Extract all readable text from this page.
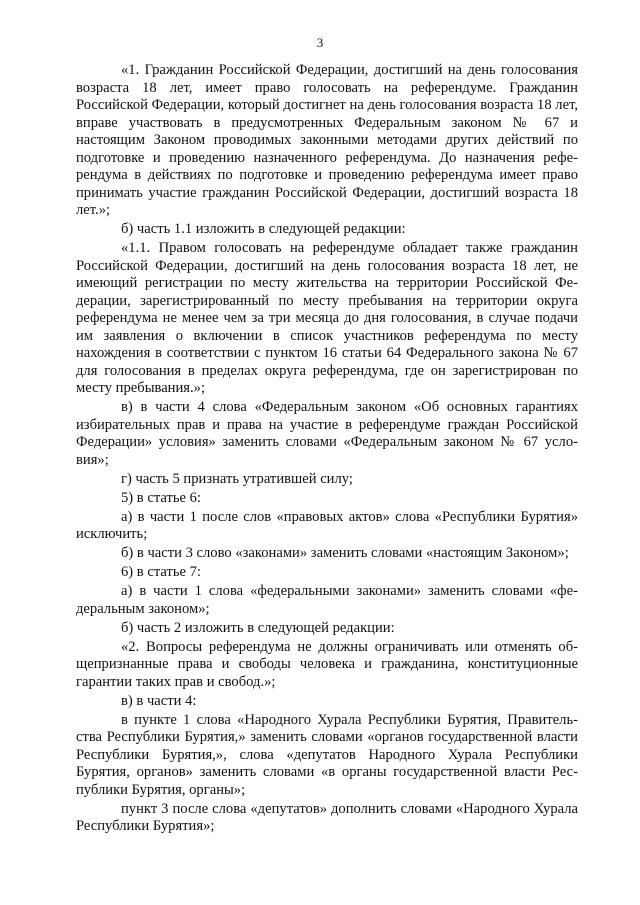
3

«1. Гражданин Российской Федерации, достигший на день голосования возраста 18 лет, имеет право голосовать на референдуме. Гражданин Российской Федерации, который достигнет на день голосования возраста 18 лет, вправе участвовать в предусмотренных Федеральным законом № 67 и настоящим Законом проводимых законными методами других действий по подготовке и проведению назначенного референдума. До назначения референдума в действиях по подготовке и проведению референдума имеет право принимать участие гражданин Российской Федерации, достигший возраста 18 лет.»;

б) часть 1.1 изложить в следующей редакции:

«1.1. Правом голосовать на референдуме обладает также гражданин Российской Федерации, достигший на день голосования возраста 18 лет, не имеющий регистрации по месту жительства на территории Российской Федерации, зарегистрированный по месту пребывания на территории округа референдума не менее чем за три месяца до дня голосования, в случае подачи им заявления о включении в список участников референдума по месту нахождения в соответствии с пунктом 16 статьи 64 Федерального закона № 67 для голосования в пределах округа референдума, где он зарегистрирован по месту пребывания.»;

в) в части 4 слова «Федеральным законом «Об основных гарантиях избирательных прав и права на участие в референдуме граждан Российской Федерации» условия» заменить словами «Федеральным законом № 67 условия»;

г) часть 5 признать утратившей силу;

5) в статье 6:

а) в части 1 после слов «правовых актов» слова «Республики Бурятия» исключить;

б) в части 3 слово «законами» заменить словами «настоящим Законом»;

6) в статье 7:

а) в части 1 слова «федеральными законами» заменить словами «федеральным законом»;

б) часть 2 изложить в следующей редакции:

«2. Вопросы референдума не должны ограничивать или отменять общепризнанные права и свободы человека и гражданина, конституционные гарантии таких прав и свобод.»;

в) в части 4:

в пункте 1 слова «Народного Хурала Республики Бурятия, Правительства Республики Бурятия,» заменить словами «органов государственной власти Республики Бурятия,», слова «депутатов Народного Хурала Республики Бурятия, органов» заменить словами «в органы государственной власти Республики Бурятия, органы»;

пункт 3 после слова «депутатов» дополнить словами «Народного Хурала Республики Бурятия»;
